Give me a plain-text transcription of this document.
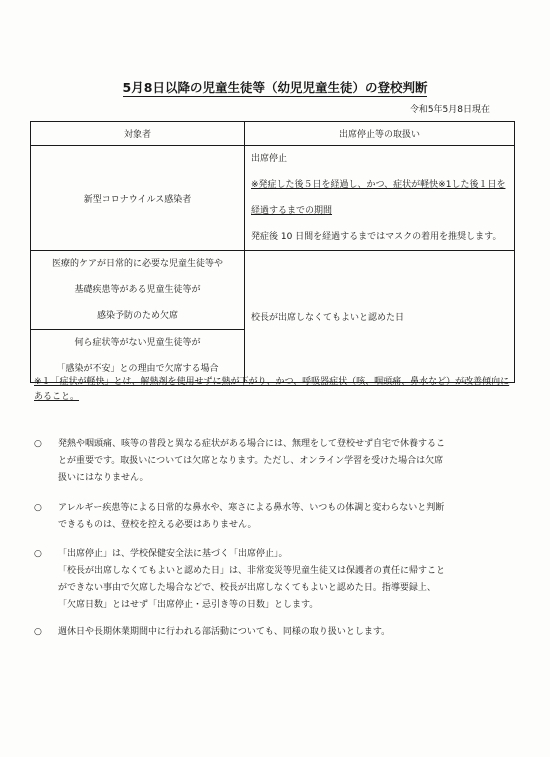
5月8日以降の児童生徒等（幼児児童生徒）の登校判断
令和5年5月8日現在
対象者	出席停止等の取扱い
新型コロナウイルス感染者	出席停止
※発症した後５日を経過し、かつ、症状が軽快※1した後１日を
経過するまでの期間
発症後 10 日間を経過するまではマスクの着用を推奨します。

医療的ケアが日常的に必要な児童生徒等や
基礎疾患等がある児童生徒等が
感染予防のため欠席	校長が出席しなくてもよいと認めた日

何ら症状等がない児童生徒等が
「感染が不安」との理由で欠席する場合	
※１「症状が軽快」とは、解熱剤を使用せずに熱が下がり、かつ、呼吸器症状（咳、咽頭痛、鼻水など）が改善傾向にあること。
○ 発熱や咽頭痛、咳等の普段と異なる症状がある場合には、無理をして登校せず自宅で休養するこ
とが重要です。取扱いについては欠席となります。ただし、オンライン学習を受けた場合は欠席
扱いにはなりません。
○ アレルギー疾患等による日常的な鼻水や、寒さによる鼻水等、いつもの体調と変わらないと判断
できるものは、登校を控える必要はありません。
○ 「出席停止」は、学校保健安全法に基づく「出席停止」。
「校長が出席しなくてもよいと認めた日」は、非常変災等児童生徒又は保護者の責任に帰すこと
ができない事由で欠席した場合などで、校長が出席しなくてもよいと認めた日。指導要録上、
「欠席日数」とはせず「出席停止・忌引き等の日数」とします。
○ 週休日や長期休業期間中に行われる部活動についても、同様の取り扱いとします。
